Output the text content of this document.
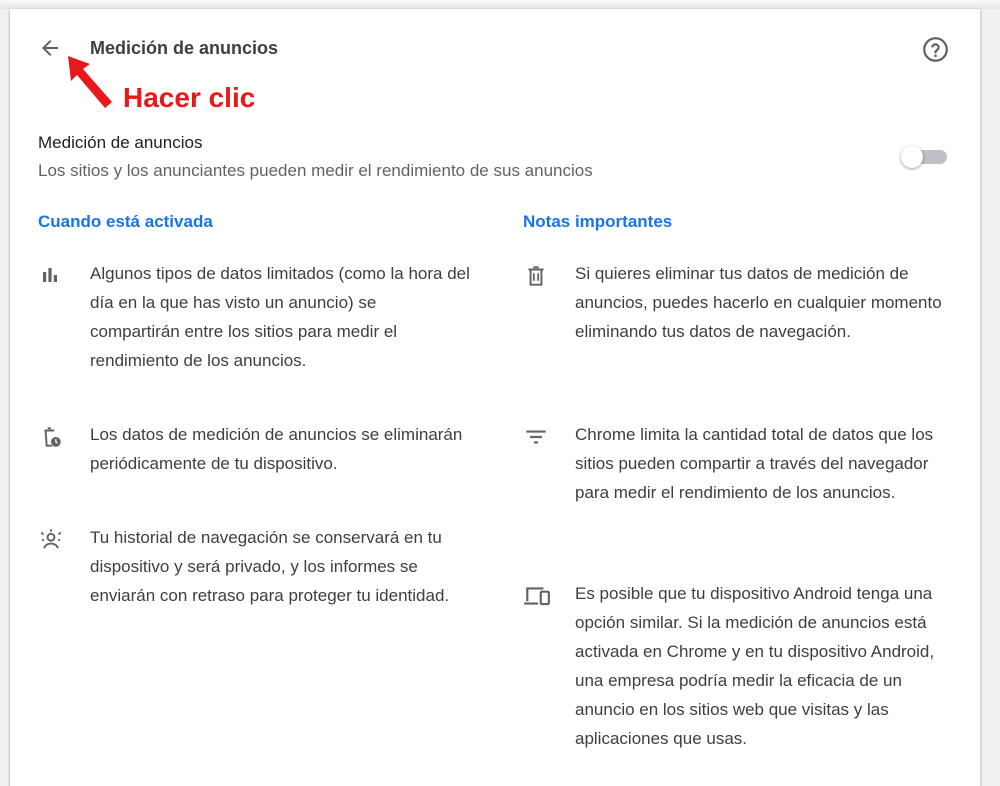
Medición de anuncios
Hacer clic
Medición de anuncios
Los sitios y los anunciantes pueden medir el rendimiento de sus anuncios
Cuando está activada	Notas importantes
Algunos tipos de datos limitados (como la hora del día en la que has visto un anuncio) se compartirán entre los sitios para medir el rendimiento de los anuncios.
Los datos de medición de anuncios se eliminarán periódicamente de tu dispositivo.
Tu historial de navegación se conservará en tu dispositivo y será privado, y los informes se enviarán con retraso para proteger tu identidad.
Si quieres eliminar tus datos de medición de anuncios, puedes hacerlo en cualquier momento eliminando tus datos de navegación.
Chrome limita la cantidad total de datos que los sitios pueden compartir a través del navegador para medir el rendimiento de los anuncios.
Es posible que tu dispositivo Android tenga una opción similar. Si la medición de anuncios está activada en Chrome y en tu dispositivo Android, una empresa podría medir la eficacia de un anuncio en los sitios web que visitas y las aplicaciones que usas.
